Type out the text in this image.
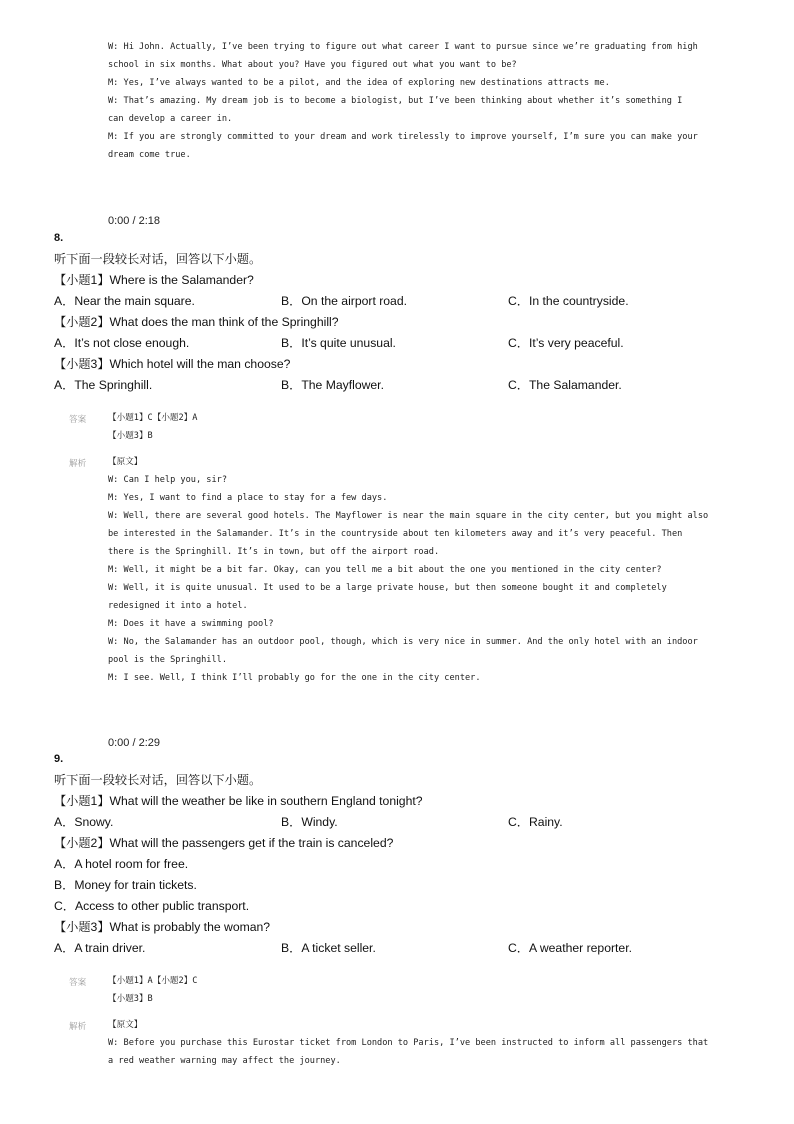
W: Hi John. Actually, I’ve been trying to figure out what career I want to pursue since we’re graduating from high

school in six months. What about you? Have you figured out what you want to be?

M: Yes, I’ve always wanted to be a pilot, and the idea of exploring new destinations attracts me.

W: That’s amazing. My dream job is to become a biologist, but I’ve been thinking about whether it’s something I

can develop a career in.

M: If you are strongly committed to your dream and work tirelessly to improve yourself, I’m sure you can make your

dream come true.

0:00 / 2:18
8.
听下面一段较长对话，回答以下小题。
【小题1】Where is the Salamander?
A．Near the main square.	B．On the airport road.	C．In the countryside.
【小题2】What does the man think of the Springhill?
A．It’s not close enough.	B．It’s quite unusual.	C．It’s very peaceful.
【小题3】Which hotel will the man choose?
A．The Springhill.	B．The Mayflower.	C．The Salamander.
答案	【小题1】C【小题2】A

【小题3】B

解析	【原文】

W: Can I help you, sir?

M: Yes, I want to find a place to stay for a few days.

W: Well, there are several good hotels. The Mayflower is near the main square in the city center, but you might also

be interested in the Salamander. It’s in the countryside about ten kilometers away and it’s very peaceful. Then

there is the Springhill. It’s in town, but off the airport road.

M: Well, it might be a bit far. Okay, can you tell me a bit about the one you mentioned in the city center?

W: Well, it is quite unusual. It used to be a large private house, but then someone bought it and completely

redesigned it into a hotel.

M: Does it have a swimming pool?

W: No, the Salamander has an outdoor pool, though, which is very nice in summer. And the only hotel with an indoor

pool is the Springhill.

M: I see. Well, I think I’ll probably go for the one in the city center.

0:00 / 2:29
9.
听下面一段较长对话，回答以下小题。
【小题1】What will the weather be like in southern England tonight?
A．Snowy.	B．Windy.	C．Rainy.
【小题2】What will the passengers get if the train is canceled?
A．A hotel room for free.
B．Money for train tickets.
C．Access to other public transport.
【小题3】What is probably the woman?
A．A train driver.	B．A ticket seller.	C．A weather reporter.
答案	【小题1】A【小题2】C

【小题3】B

解析	【原文】

W: Before you purchase this Eurostar ticket from London to Paris, I’ve been instructed to inform all passengers that

a red weather warning may affect the journey.
